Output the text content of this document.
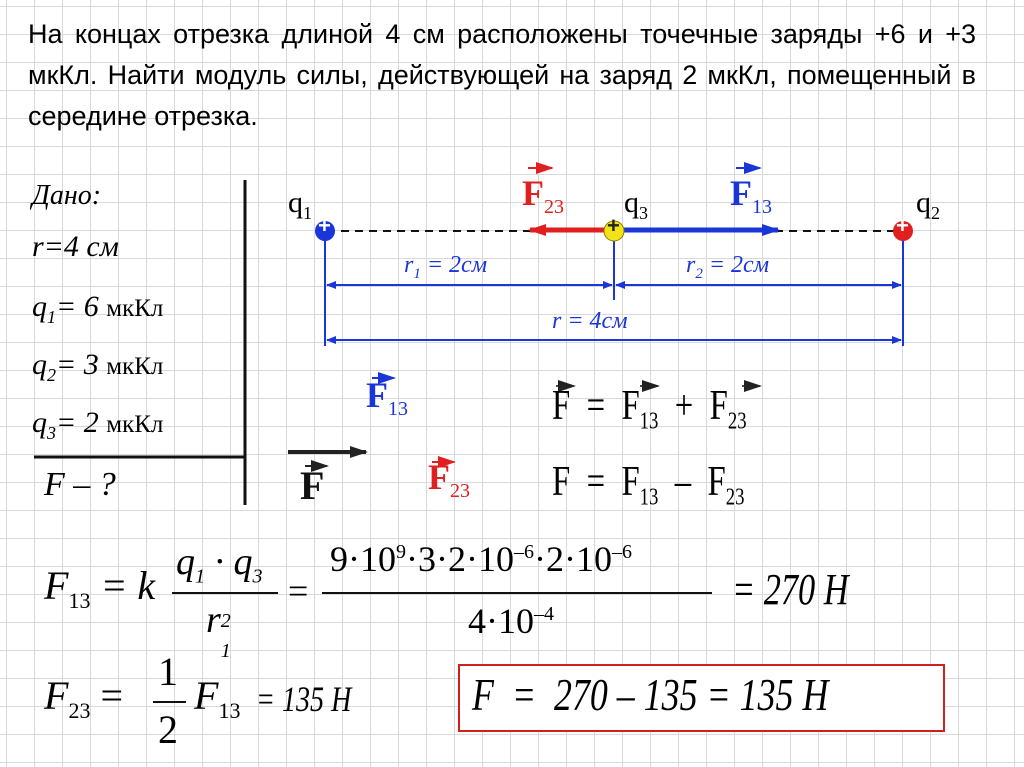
На концах отрезка длиной 4 см расположены точечные заряды +6 и +3 мкКл. Найти модуль силы, действующей на заряд 2 мкКл, помещенный в середине отрезка.
Дано:
r=4 см
$q_1= 6$ мкКл
$q_2= 3$ мкКл
$q_3= 2$ мкКл
F – ?
$q_1$	$q_3$	$q_2$
+	+	+
$F_{23}$	$F_{13}$
$r_1 = 2см$	$r_2 = 2см$
r = 4см
$F_{13}$
F	$F_{23}$
$F = F_{13} + F_{23}$
$F = F_{13} - F_{23}$
$F_{13} = k$
$q_1 \cdot q_3$
r 2
1
=
$9\cdot 10^9\cdot 3\cdot 2\cdot 10^{-6}\cdot 2\cdot 10^{-6}$
$4\cdot 10^{-4}$	= 270 Н
$F_{23}$ =
1
2
$F_{13} = 135$ Н	F  =  270 – 135 = 135 Н
